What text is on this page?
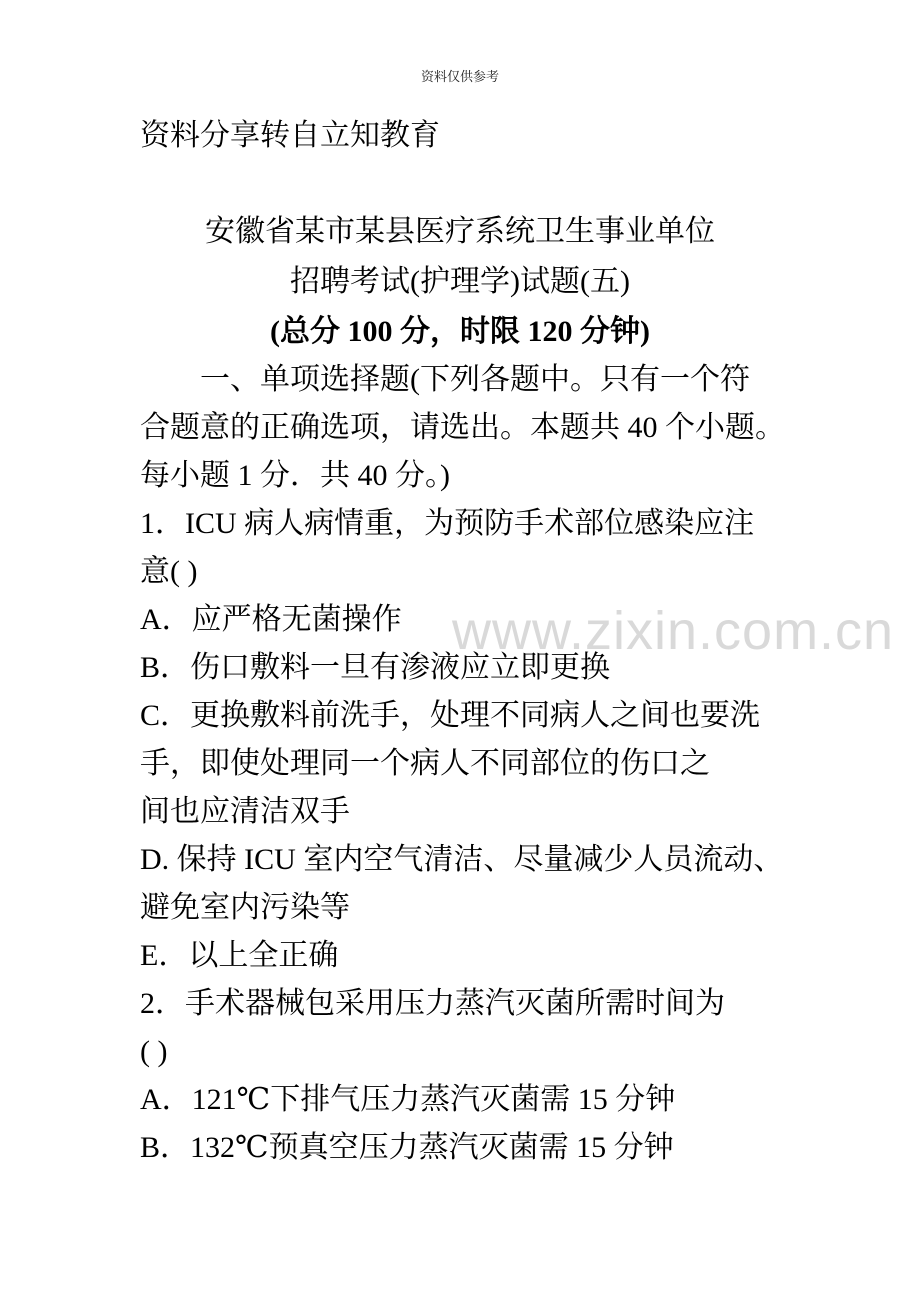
资料仅供参考
www.zixin.com.cn
资料分享转自立知教育
安徽省某市某县医疗系统卫生事业单位
招聘考试(护理学)试题(五)
(总分 100 分，时限 120 分钟)
一、单项选择题(下列各题中。只有一个符
合题意的正确选项，请选出。本题共 40 个小题。
每小题 1 分．共 40 分。)
1．ICU 病人病情重，为预防手术部位感染应注
意( )
A．应严格无菌操作
B．伤口敷料一旦有渗液应立即更换
C．更换敷料前洗手，处理不同病人之间也要洗
手，即使处理同一个病人不同部位的伤口之
间也应清洁双手
D. 保持 ICU 室内空气清洁、尽量减少人员流动、
避免室内污染等
E．以上全正确
2．手术器械包采用压力蒸汽灭菌所需时间为
( )
A．121℃下排气压力蒸汽灭菌需 15 分钟
B．132℃预真空压力蒸汽灭菌需 15 分钟
